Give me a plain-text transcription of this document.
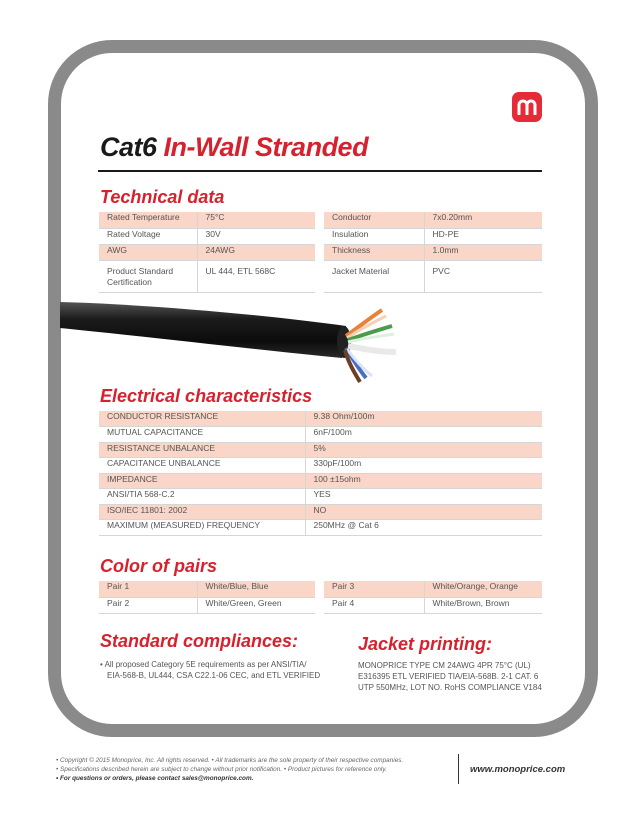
Cat6 In-Wall Stranded
Technical data
Rated Temperature	75°C
Rated Voltage	30V
AWG	24AWG
Product Standard Certification	UL 444, ETL 568C
Conductor	7x0.20mm
Insulation	HD-PE
Thickness	1.0mm
Jacket Material	PVC
Electrical characteristics
CONDUCTOR RESISTANCE	9.38 Ohm/100m
MUTUAL CAPACITANCE	6nF/100m
RESISTANCE UNBALANCE	5%
CAPACITANCE UNBALANCE	330pF/100m
IMPEDANCE	100 ±15ohm
ANSI/TIA 568-C.2	YES
ISO/IEC 11801: 2002	NO
MAXIMUM (MEASURED) FREQUENCY	250MHz @ Cat 6
Color of pairs
Pair 1	White/Blue, Blue
Pair 2	White/Green, Green
Pair 3	White/Orange, Orange
Pair 4	White/Brown, Brown
Standard compliances:
• All proposed Category 5E requirements as per ANSI/TIA/
EIA-568-B, UL444, CSA C22.1-06 CEC, and ETL VERIFIED
Jacket printing:
MONOPRICE TYPE CM 24AWG 4PR 75°C (UL)
E316395 ETL VERIFIED TIA/EIA-568B. 2-1 CAT. 6
UTP 550MHz, LOT NO. RoHS COMPLIANCE V184
• Copyright © 2015 Monoprice, Inc. All rights reserved. • All trademarks are the sole property of their respective companies.
• Specifications described herein are subject to change without prior notification. • Product pictures for reference only.
• For questions or orders, please contact sales@monoprice.com.
www.monoprice.com
